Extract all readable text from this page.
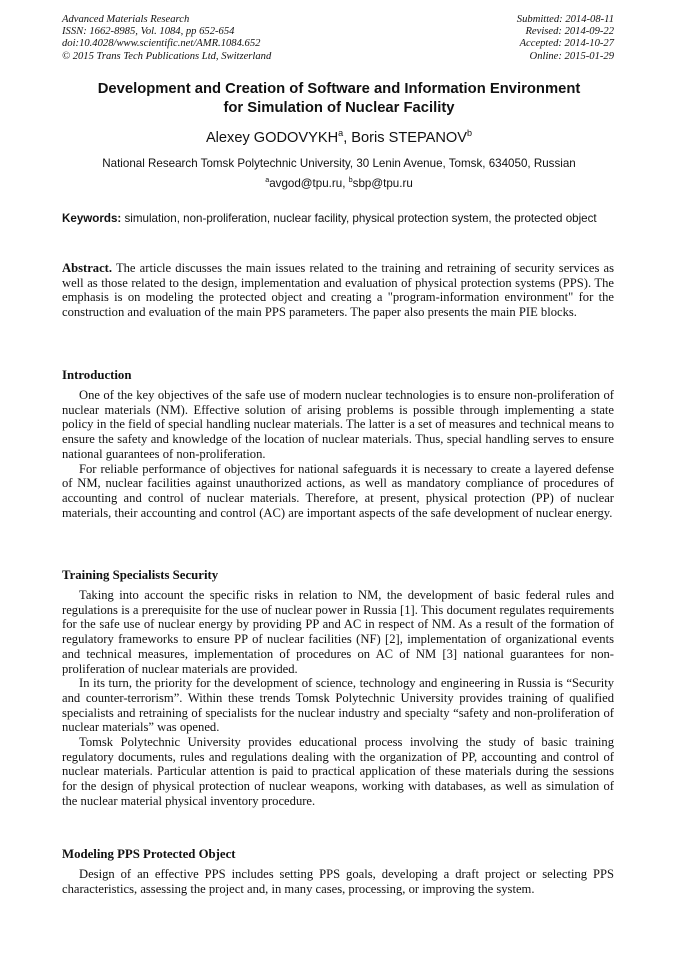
Advanced Materials Research
ISSN: 1662-8985, Vol. 1084, pp 652-654
doi:10.4028/www.scientific.net/AMR.1084.652
© 2015 Trans Tech Publications Ltd, Switzerland
Submitted: 2014-08-11
Revised: 2014-09-22
Accepted: 2014-10-27
Online: 2015-01-29
Development and Creation of Software and Information Environment
for Simulation of Nuclear Facility
Alexey GODOVYKH$^a$, Boris STEPANOV$^b$
National Research Tomsk Polytechnic University, 30 Lenin Avenue, Tomsk, 634050, Russian
$^a$avgod@tpu.ru, $^b$sbp@tpu.ru
Keywords: simulation, non-proliferation, nuclear facility, physical protection system, the protected object
Abstract. The article discusses the main issues related to the training and retraining of security services as well as those related to the design, implementation and evaluation of physical protection systems (PPS). The emphasis is on modeling the protected object and creating a "program-information environment" for the construction and evaluation of the main PPS parameters. The paper also presents the main PIE blocks.
Introduction

One of the key objectives of the safe use of modern nuclear technologies is to ensure non-proliferation of nuclear materials (NM). Effective solution of arising problems is possible through implementing a state policy in the field of special handling nuclear materials. The latter is a set of measures and technical means to ensure the safety and knowledge of the location of nuclear materials. Thus, special handling serves to ensure national guarantees of non-proliferation.

For reliable performance of objectives for national safeguards it is necessary to create a layered defense of NM, nuclear facilities against unauthorized actions, as well as mandatory compliance of procedures of accounting and control of nuclear materials. Therefore, at present, physical protection (PP) of nuclear materials, their accounting and control (AC) are important aspects of the safe development of nuclear energy.

Training Specialists Security

Taking into account the specific risks in relation to NM, the development of basic federal rules and regulations is a prerequisite for the use of nuclear power in Russia [1]. This document regulates requirements for the safe use of nuclear energy by providing PP and AC in respect of NM. As a result of the formation of regulatory frameworks to ensure PP of nuclear facilities (NF) [2], implementation of organizational events and technical measures, implementation of procedures on AC of NM [3] national guarantees for non-proliferation of nuclear materials are provided.

In its turn, the priority for the development of science, technology and engineering in Russia is “Security and counter-terrorism”. Within these trends Tomsk Polytechnic University provides training of qualified specialists and retraining of specialists for the nuclear industry and specialty “safety and non-proliferation of nuclear materials” was opened.

Tomsk Polytechnic University provides educational process involving the study of basic training regulatory documents, rules and regulations dealing with the organization of PP, accounting and control of nuclear materials. Particular attention is paid to practical application of these materials during the sessions for the design of physical protection of nuclear weapons, working with databases, as well as simulation of the nuclear material physical inventory procedure.

Modeling PPS Protected Object

Design of an effective PPS includes setting PPS goals, developing a draft project or selecting PPS characteristics, assessing the project and, in many cases, processing, or improving the system.
